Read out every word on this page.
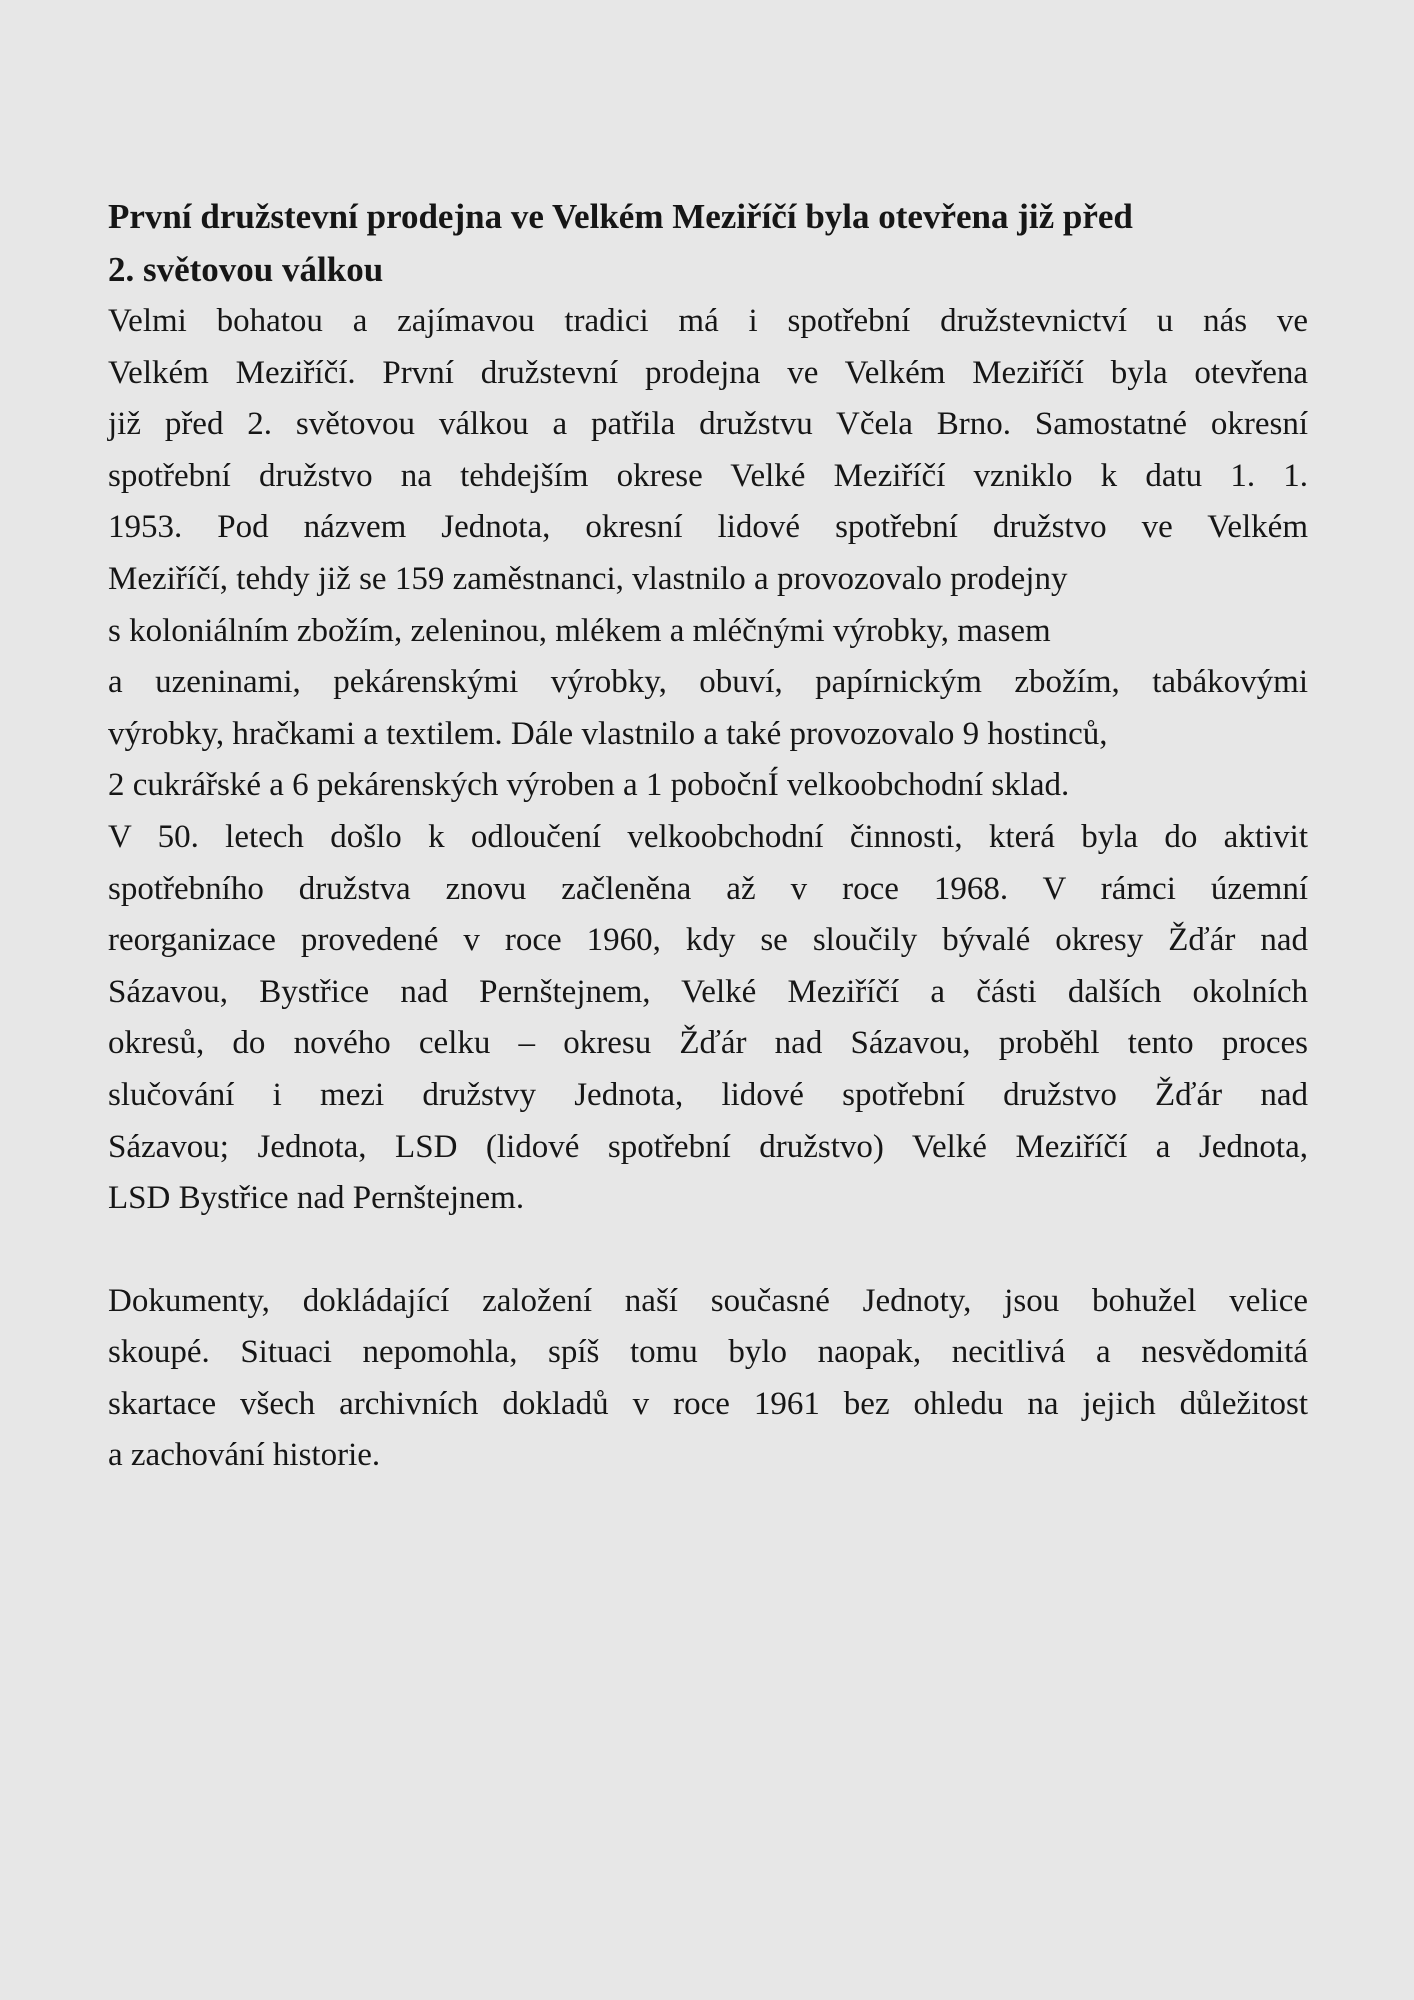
První družstevní prodejna ve Velkém Meziříčí byla otevřena již před
2. světovou válkou
Velmi bohatou a zajímavou tradici má i spotřební družstevnictví u nás ve
Velkém Meziříčí. První družstevní prodejna ve Velkém Meziříčí byla otevřena
již před 2. světovou válkou a patřila družstvu Včela Brno. Samostatné okresní
spotřební družstvo na tehdejším okrese Velké Meziříčí vzniklo k datu 1. 1.
1953. Pod názvem Jednota, okresní lidové spotřební družstvo ve Velkém
Meziříčí, tehdy již se 159 zaměstnanci, vlastnilo a provozovalo prodejny
s koloniálním zbožím, zeleninou, mlékem a mléčnými výrobky, masem
a uzeninami, pekárenskými výrobky, obuví, papírnickým zbožím, tabákovými
výrobky, hračkami a textilem. Dále vlastnilo a také provozovalo 9 hostinců,
2 cukrářské a 6 pekárenských výroben a 1 pobočnÍ velkoobchodní sklad.
V 50. letech došlo k odloučení velkoobchodní činnosti, která byla do aktivit
spotřebního družstva znovu začleněna až v roce 1968. V rámci územní
reorganizace provedené v roce 1960, kdy se sloučily bývalé okresy Žďár nad
Sázavou, Bystřice nad Pernštejnem, Velké Meziříčí a části dalších okolních
okresů, do nového celku – okresu Žďár nad Sázavou, proběhl tento proces
slučování i mezi družstvy Jednota, lidové spotřební družstvo Žďár nad
Sázavou; Jednota, LSD (lidové spotřební družstvo) Velké Meziříčí a Jednota,
LSD Bystřice nad Pernštejnem.
Dokumenty, dokládající založení naší současné Jednoty, jsou bohužel velice
skoupé. Situaci nepomohla, spíš tomu bylo naopak, necitlivá a nesvědomitá
skartace všech archivních dokladů v roce 1961 bez ohledu na jejich důležitost
a zachování historie.
